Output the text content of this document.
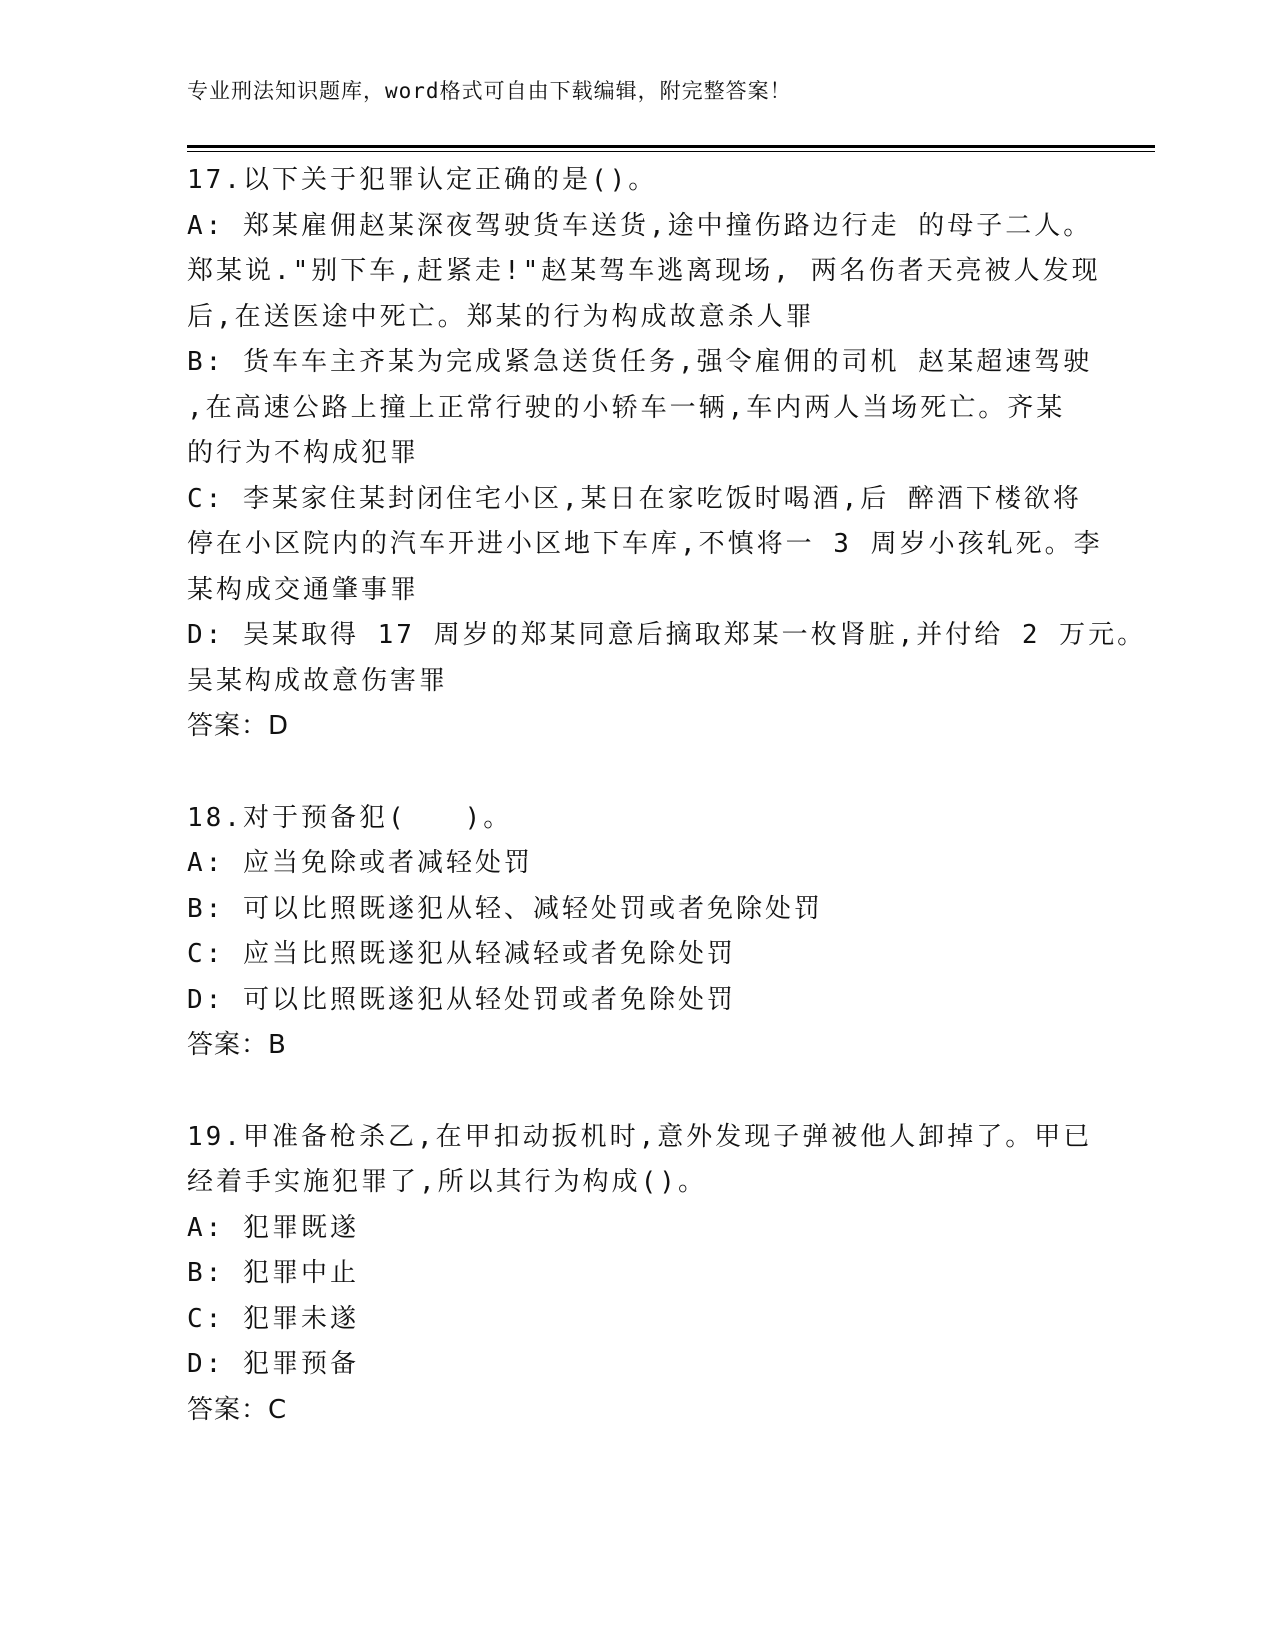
专业刑法知识题库，word格式可自由下载编辑，附完整答案！
17.以下关于犯罪认定正确的是()。
A: 郑某雇佣赵某深夜驾驶货车送货,途中撞伤路边行走 的母子二人。
郑某说."别下车,赶紧走!"赵某驾车逃离现场, 两名伤者天亮被人发现
后,在送医途中死亡。郑某的行为构成故意杀人罪
B: 货车车主齐某为完成紧急送货任务,强令雇佣的司机 赵某超速驾驶
,在高速公路上撞上正常行驶的小轿车一辆,车内两人当场死亡。齐某
的行为不构成犯罪
C: 李某家住某封闭住宅小区,某日在家吃饭时喝酒,后 醉酒下楼欲将
停在小区院内的汽车开进小区地下车库,不慎将一 3 周岁小孩轧死。李
某构成交通肇事罪
D: 吴某取得 17 周岁的郑某同意后摘取郑某一枚肾脏,并付给 2 万元。
吴某构成故意伤害罪
答案：D
18.对于预备犯(　　)。
A: 应当免除或者减轻处罚
B: 可以比照既遂犯从轻、减轻处罚或者免除处罚
C: 应当比照既遂犯从轻减轻或者免除处罚
D: 可以比照既遂犯从轻处罚或者免除处罚
答案：B
19.甲准备枪杀乙,在甲扣动扳机时,意外发现子弹被他人卸掉了。甲已
经着手实施犯罪了,所以其行为构成()。
A: 犯罪既遂
B: 犯罪中止
C: 犯罪未遂
D: 犯罪预备
答案：C
